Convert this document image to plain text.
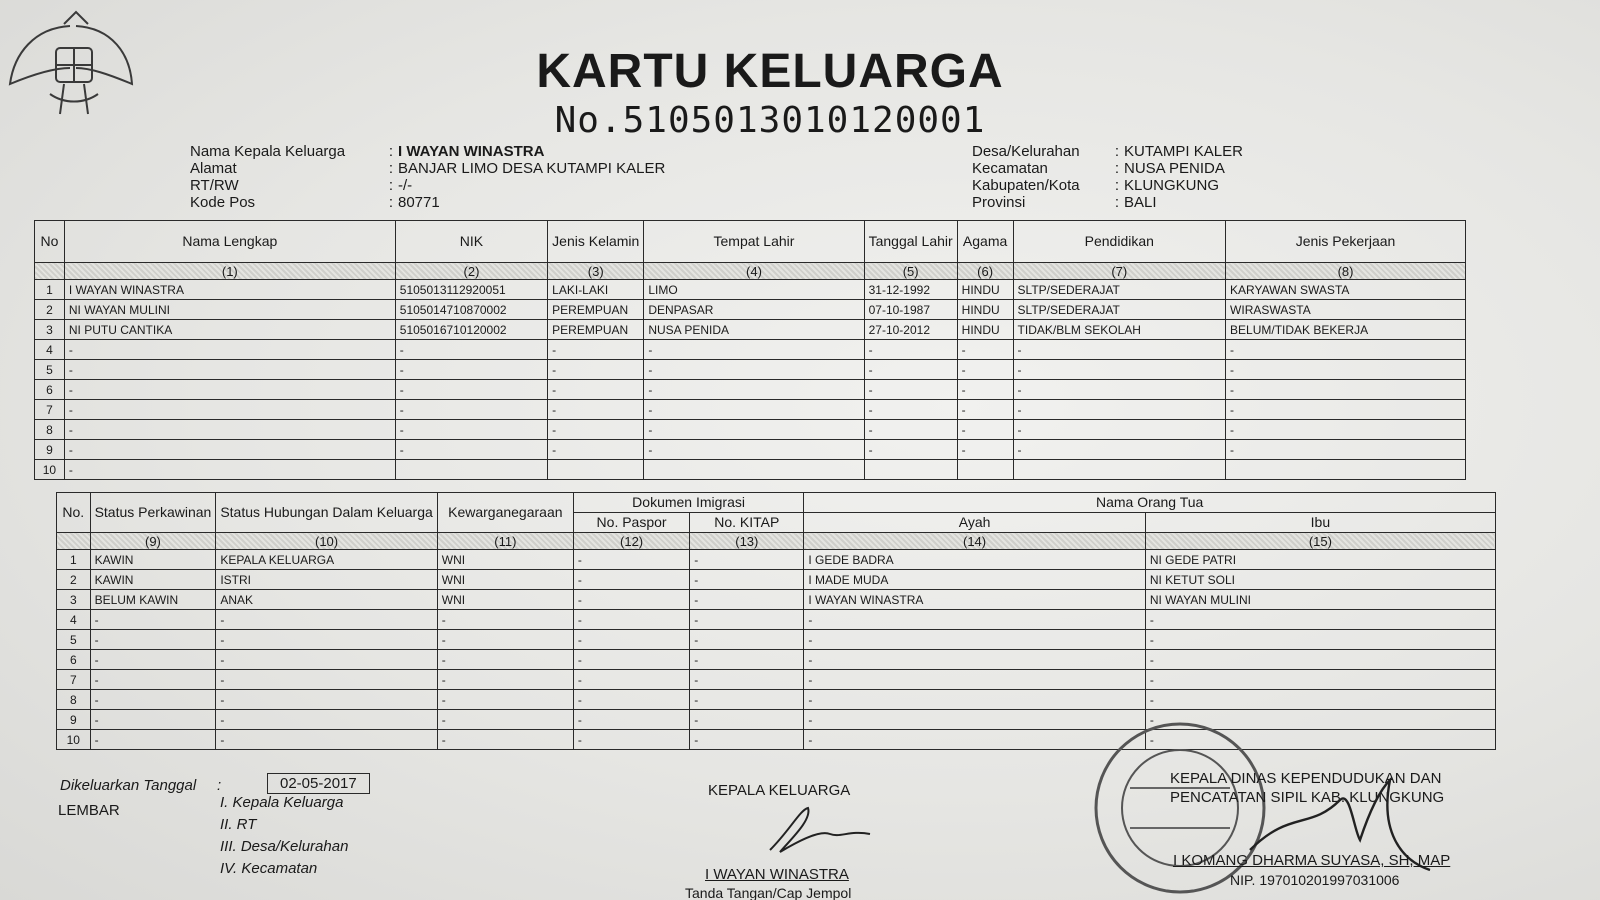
KARTU KELUARGA
No.5105013010120001
Nama Kepala Keluarga	: I WAYAN WINASTRA
Alamat	: BANJAR LIMO DESA KUTAMPI KALER
RT/RW	: -/-
Kode Pos	: 80771
Desa/Kelurahan	: KUTAMPI KALER
Kecamatan	: NUSA PENIDA
Kabupaten/Kota	: KLUNGKUNG
Provinsi	: BALI
No	Nama Lengkap	NIK	Jenis Kelamin	Tempat Lahir	Tanggal Lahir	Agama	Pendidikan	Jenis Pekerjaan
	(1)	(2)	(3)	(4)	(5)	(6)	(7)	(8)
1	I WAYAN WINASTRA	5105013112920051	LAKI-LAKI	LIMO	31-12-1992	HINDU	SLTP/SEDERAJAT	KARYAWAN SWASTA
2	NI WAYAN MULINI	5105014710870002	PEREMPUAN	DENPASAR	07-10-1987	HINDU	SLTP/SEDERAJAT	WIRASWASTA
3	NI PUTU CANTIKA	5105016710120002	PEREMPUAN	NUSA PENIDA	27-10-2012	HINDU	TIDAK/BLM SEKOLAH	BELUM/TIDAK BEKERJA
4	-	-	-	-	-	-	-	-
5	-	-	-	-	-	-	-	-
6	-	-	-	-	-	-	-	-
7	-	-	-	-	-	-	-	-
8	-	-	-	-	-	-	-	-
9	-	-	-	-	-	-	-	-
10	-							
No.	Status Perkawinan	Status Hubungan Dalam Keluarga	Kewarganegaraan	Dokumen Imigrasi		Nama Orang Tua	
				No. Paspor	No. KITAP	Ayah	Ibu
	(9)	(10)	(11)	(12)	(13)	(14)	(15)
1	KAWIN	KEPALA KELUARGA	WNI	-	-	I GEDE BADRA	NI GEDE PATRI
2	KAWIN	ISTRI	WNI	-	-	I MADE MUDA	NI KETUT SOLI
3	BELUM KAWIN	ANAK	WNI	-	-	I WAYAN WINASTRA	NI WAYAN MULINI
4	-	-	-	-	-	-	-
5	-	-	-	-	-	-	-
6	-	-	-	-	-	-	-
7	-	-	-	-	-	-	-
8	-	-	-	-	-	-	-
9	-	-	-	-	-	-	-
10	-	-	-	-	-	-	-
Dikeluarkan Tanggal     :	02-05-2017
LEMBAR	I. Kepala Keluarga
II. RT
III. Desa/Kelurahan
IV. Kecamatan
KEPALA KELUARGA
I WAYAN WINASTRA
Tanda Tangan/Cap Jempol
KEPALA DINAS KEPENDUDUKAN DAN
PENCATATAN SIPIL KAB. KLUNGKUNG
I KOMANG DHARMA SUYASA, SH, MAP
NIP. 197010201997031006
